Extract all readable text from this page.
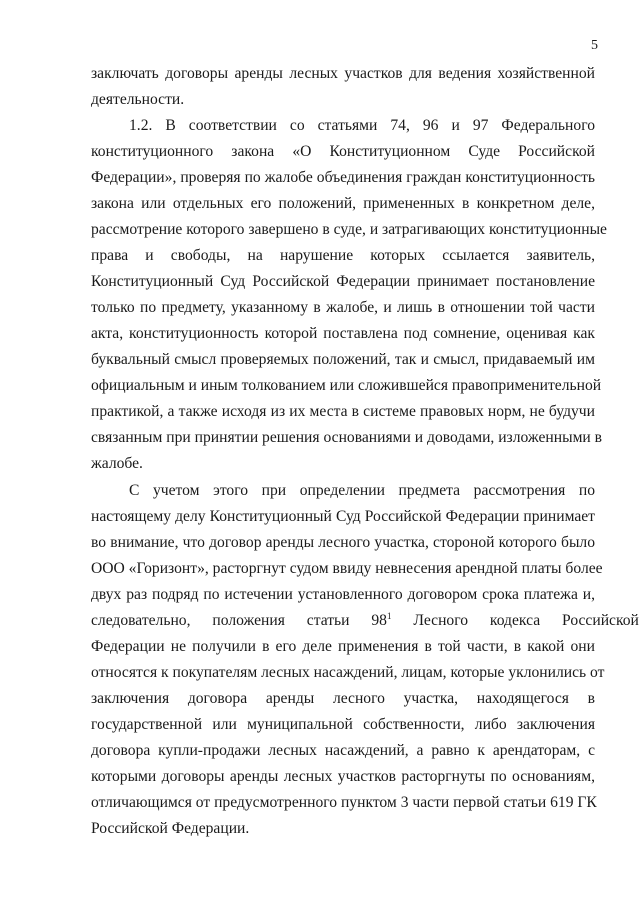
5
заключать договоры аренды лесных участков для ведения хозяйственной
деятельности.
1.2. В соответствии со статьями 74, 96 и 97 Федерального
конституционного закона «О Конституционном Суде Российской
Федерации», проверяя по жалобе объединения граждан конституционность
закона или отдельных его положений, примененных в конкретном деле,
рассмотрение которого завершено в суде, и затрагивающих конституционные
права и свободы, на нарушение которых ссылается заявитель,
Конституционный Суд Российской Федерации принимает постановление
только по предмету, указанному в жалобе, и лишь в отношении той части
акта, конституционность которой поставлена под сомнение, оценивая как
буквальный смысл проверяемых положений, так и смысл, придаваемый им
официальным и иным толкованием или сложившейся правоприменительной
практикой, а также исходя из их места в системе правовых норм, не будучи
связанным при принятии решения основаниями и доводами, изложенными в
жалобе.
С учетом этого при определении предмета рассмотрения по
настоящему делу Конституционный Суд Российской Федерации принимает
во внимание, что договор аренды лесного участка, стороной которого было
ООО «Горизонт», расторгнут судом ввиду невнесения арендной платы более
двух раз подряд по истечении установленного договором срока платежа и,
следовательно, положения статьи $98^1$ Лесного кодекса Российской
Федерации не получили в его деле применения в той части, в какой они
относятся к покупателям лесных насаждений, лицам, которые уклонились от
заключения договора аренды лесного участка, находящегося в
государственной или муниципальной собственности, либо заключения
договора купли-продажи лесных насаждений, а равно к арендаторам, с
которыми договоры аренды лесных участков расторгнуты по основаниям,
отличающимся от предусмотренного пунктом 3 части первой статьи 619 ГК
Российской Федерации.
